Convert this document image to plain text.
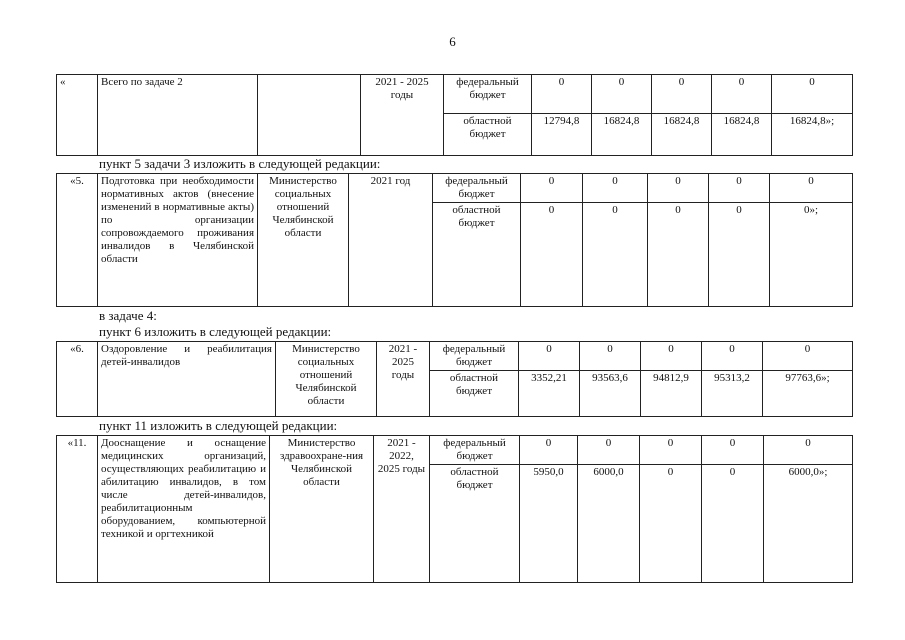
6
«	Всего по задаче 2		2021 - 2025 годы	федеральный бюджет	0	0	0	0	0
				областной бюджет	12794,8	16824,8	16824,8	16824,8	16824,8»;
пункт 5 задачи 3 изложить в следующей редакции:
«5.	Подготовка при необходимости нормативных актов (внесение изменений в нормативные акты) по организации сопровождаемого проживания инвалидов в Челябинской области	Министерство социальных отношений Челябинской области	2021 год	федеральный бюджет	0	0	0	0	0
				областной бюджет	0	0	0	0	0»;
в задаче 4:
пункт 6 изложить в следующей редакции:
«6.	Оздоровление и реабилитация детей-инвалидов	Министерство социальных отношений Челябинской области	2021 - 2025 годы	федеральный бюджет	0	0	0	0	0
				областной бюджет	3352,21	93563,6	94812,9	95313,2	97763,6»;
пункт 11 изложить в следующей редакции:
«11.	Дооснащение и оснащение медицинских организаций, осуществляющих реабилитацию и абилитацию инвалидов, в том числе детей-инвалидов, реабилитационным оборудованием, компьютерной техникой и оргтехникой	Министерство здравоохране-ния Челябинской области	2021 - 2022, 2025 годы	федеральный бюджет	0	0	0	0	0
				областной бюджет	5950,0	6000,0	0	0	6000,0»;
